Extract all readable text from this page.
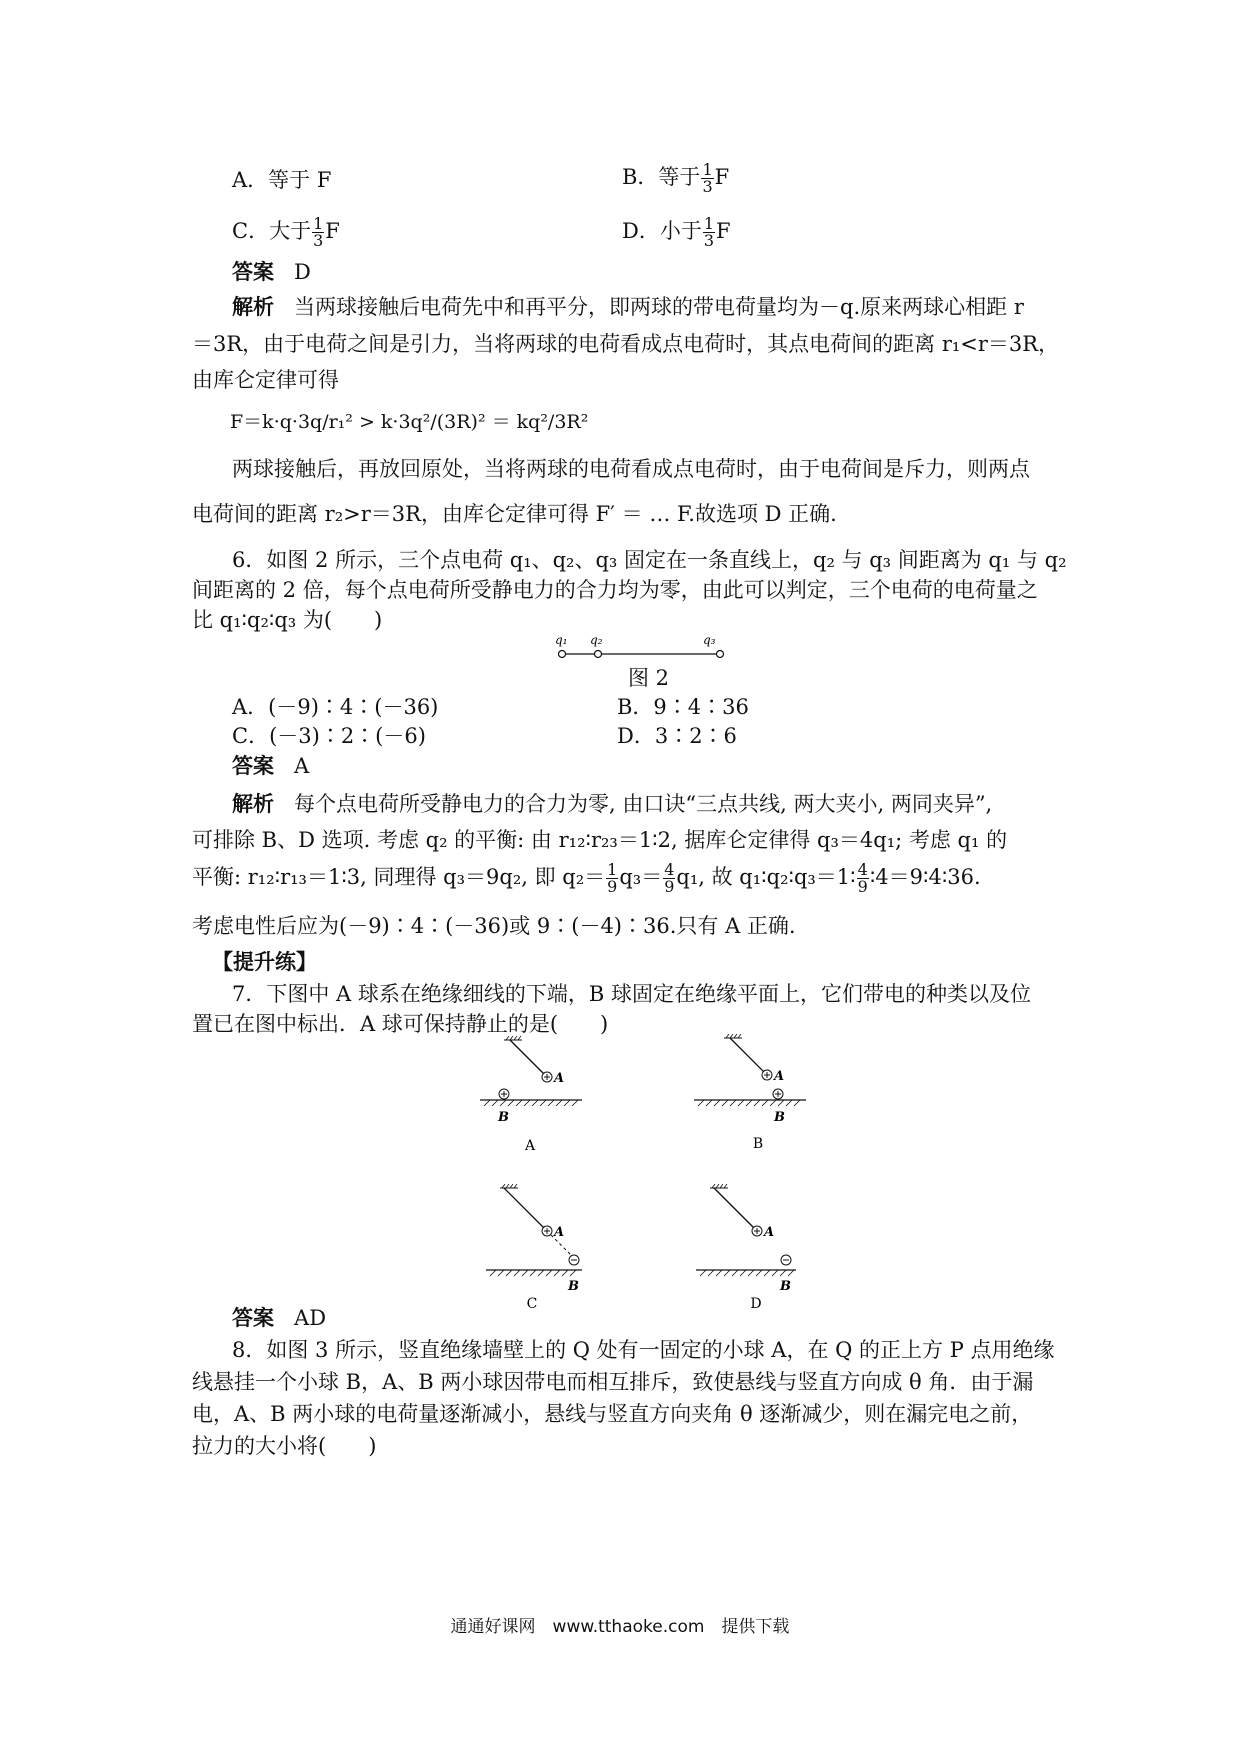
A．等于 F	B．等于 $\frac{1}{3}$ F
C．大于 $\frac{1}{3}$ F	D．小于 $\frac{1}{3}$ F
答案 D
解析 当两球接触后电荷先中和再平分，即两球的带电荷量均为－q.原来两球心相距 r
＝3R，由于电荷之间是引力，当将两球的电荷看成点电荷时，其点电荷间的距离 r₁<r＝3R，
由库仑定律可得
F＝k·q·3q/r₁² > k·3q²/(3R)² ＝ kq²/3R²
两球接触后，再放回原处，当将两球的电荷看成点电荷时，由于电荷间是斥力，则两点
电荷间的距离 r₂>r＝3R，由库仑定律可得 F′ ＝ … F.故选项 D 正确.
6．如图 2 所示，三个点电荷 q₁、q₂、q₃ 固定在一条直线上，q₂ 与 q₃ 间距离为 q₁ 与 q₂
间距离的 2 倍，每个点电荷所受静电力的合力均为零，由此可以判定，三个电荷的电荷量之
比 q₁∶q₂∶q₃ 为(　　)
q₁ q₂	q₃
图 2
A．(－9)∶4∶(－36)	B．9∶4∶36
C．(－3)∶2∶(－6)	D．3∶2∶6
答案 A
解析 每个点电荷所受静电力的合力为零, 由口诀“三点共线, 两大夹小, 两同夹异”,
可排除 B、D 选项. 考虑 q₂ 的平衡: 由 r₁₂∶r₂₃＝1∶2, 据库仑定律得 q₃＝4q₁; 考虑 q₁ 的
平衡: r₁₂∶r₁₃＝1∶3, 同理得 q₃＝9q₂, 即 $q_2= \frac{1}{9} q_3= \frac{4}{9} q_1$, 故 q₁∶q₂∶q₃＝1∶ $\frac{4}{9}$ ∶4＝9∶4∶36.
考虑电性后应为(－9)∶4∶(－36)或 9∶(－4)∶36.只有 A 正确.
【提升练】
7．下图中 A 球系在绝缘细线的下端，B 球固定在绝缘平面上，它们带电的种类以及位
置已在图中标出．A 球可保持静止的是(　　)
A
B
A
A
B
B
A
B
C
A
B
D
答案 AD
8．如图 3 所示，竖直绝缘墙壁上的 Q 处有一固定的小球 A，在 Q 的正上方 P 点用绝缘
线悬挂一个小球 B，A、B 两小球因带电而相互排斥，致使悬线与竖直方向成 θ 角．由于漏
电，A、B 两小球的电荷量逐渐减小，悬线与竖直方向夹角 θ 逐渐减少，则在漏完电之前，
拉力的大小将(　　)
通通好课网　www.tthaoke.com　提供下载
